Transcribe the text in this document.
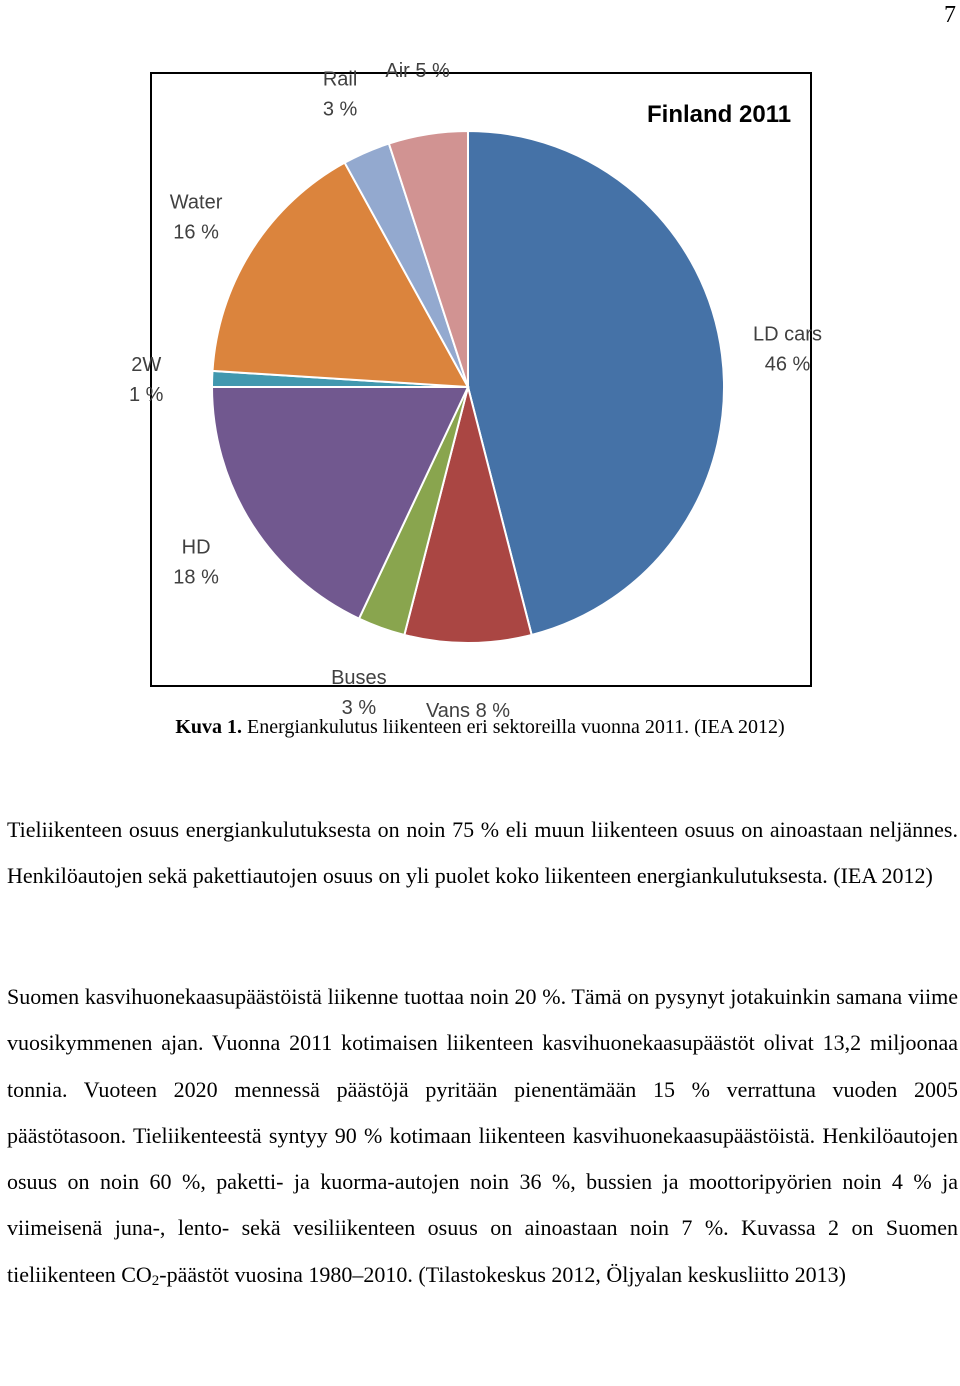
7
LD cars 46 %
Vans 8 %
Buses 3 %
HD 18 %
2W 1 %
Water 16 %
Rail 3 %
Air 5 %
Finland 2011
Kuva 1. Energiankulutus liikenteen eri sektoreilla vuonna 2011. (IEA 2012)

Tieliikenteen osuus energiankulutuksesta on noin 75 % eli muun liikenteen osuus on ainoastaan neljännes. Henkilöautojen sekä pakettiautojen osuus on yli puolet koko liikenteen energiankulutuksesta. (IEA 2012)

Suomen kasvihuonekaasupäästöistä liikenne tuottaa noin 20 %. Tämä on pysynyt jotakuinkin samana viime vuosikymmenen ajan. Vuonna 2011 kotimaisen liikenteen kasvihuonekaasupäästöt olivat 13,2 miljoonaa tonnia. Vuoteen 2020 mennessä päästöjä pyritään pienentämään 15 % verrattuna vuoden 2005 päästötasoon. Tieliikenteestä syntyy 90 % kotimaan liikenteen kasvihuonekaasupäästöistä. Henkilöautojen osuus on noin 60 %, paketti- ja kuorma-autojen noin 36 %, bussien ja moottoripyörien noin 4 % ja viimeisenä juna-, lento- sekä vesiliikenteen osuus on ainoastaan noin 7 %. Kuvassa 2 on Suomen tieliikenteen $CO_2$-päästöt vuosina 1980–2010. (Tilastokeskus 2012, Öljyalan keskusliitto 2013)
